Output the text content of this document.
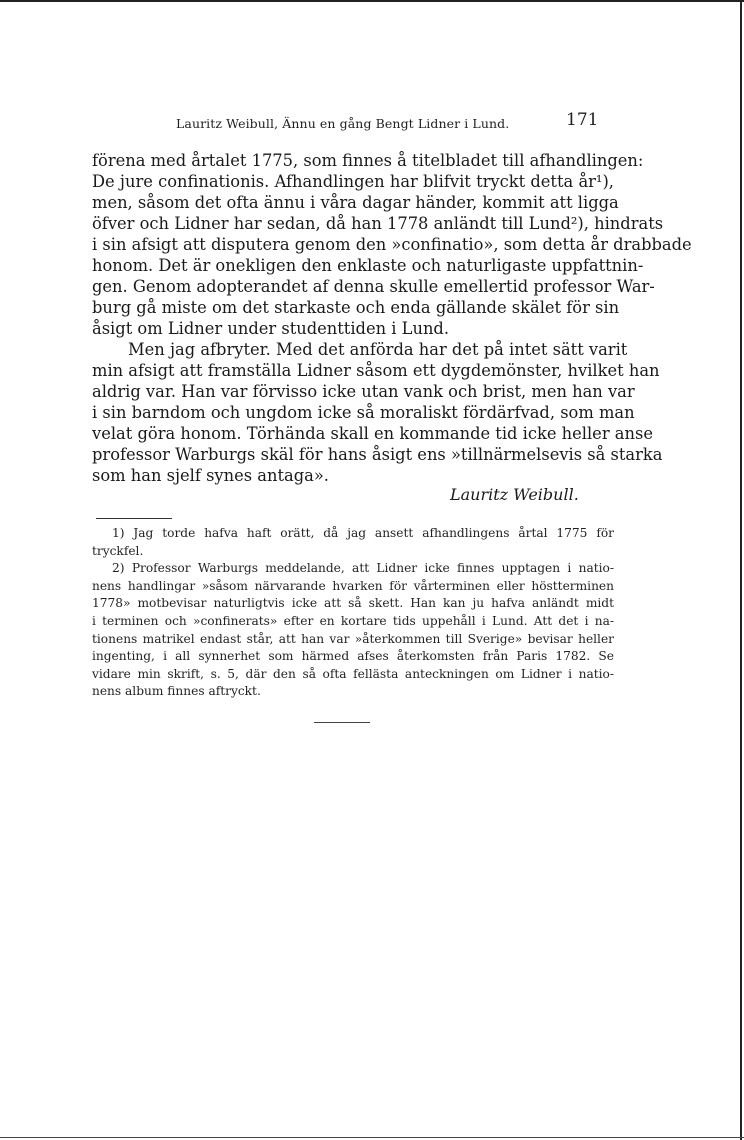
Lauritz Weibull, Ännu en gång Bengt Lidner i Lund.	171
förena med årtalet 1775, som finnes å titelbladet till afhandlingen:
De jure confinationis. Afhandlingen har blifvit tryckt detta år¹),
men, såsom det ofta ännu i våra dagar händer, kommit att ligga
öfver och Lidner har sedan, då han 1778 anländt till Lund²), hindrats
i sin afsigt att disputera genom den »confinatio», som detta år drabbade
honom. Det är onekligen den enklaste och naturligaste uppfattnin-
gen. Genom adopterandet af denna skulle emellertid professor War-
burg gå miste om det starkaste och enda gällande skälet för sin
åsigt om Lidner under studenttiden i Lund.
Men jag afbryter. Med det anförda har det på intet sätt varit
min afsigt att framställa Lidner såsom ett dygdemönster, hvilket han
aldrig var. Han var förvisso icke utan vank och brist, men han var
i sin barndom och ungdom icke så moraliskt fördärfvad, som man
velat göra honom. Törhända skall en kommande tid icke heller anse
professor Warburgs skäl för hans åsigt ens »tillnärmelsevis så starka
som han sjelf synes antaga».
Lauritz Weibull.
1) Jag torde hafva haft orätt, då jag ansett afhandlingens årtal 1775 för
tryckfel.
2) Professor Warburgs meddelande, att Lidner icke finnes upptagen i natio-
nens handlingar »såsom närvarande hvarken för vårterminen eller höstterminen
1778» motbevisar naturligtvis icke att så skett. Han kan ju hafva anländt midt
i terminen och »confinerats» efter en kortare tids uppehåll i Lund. Att det i na-
tionens matrikel endast står, att han var »återkommen till Sverige» bevisar heller
ingenting, i all synnerhet som härmed afses återkomsten från Paris 1782. Se
vidare min skrift, s. 5, där den så ofta fellästa anteckningen om Lidner i natio-
nens album finnes aftryckt.
